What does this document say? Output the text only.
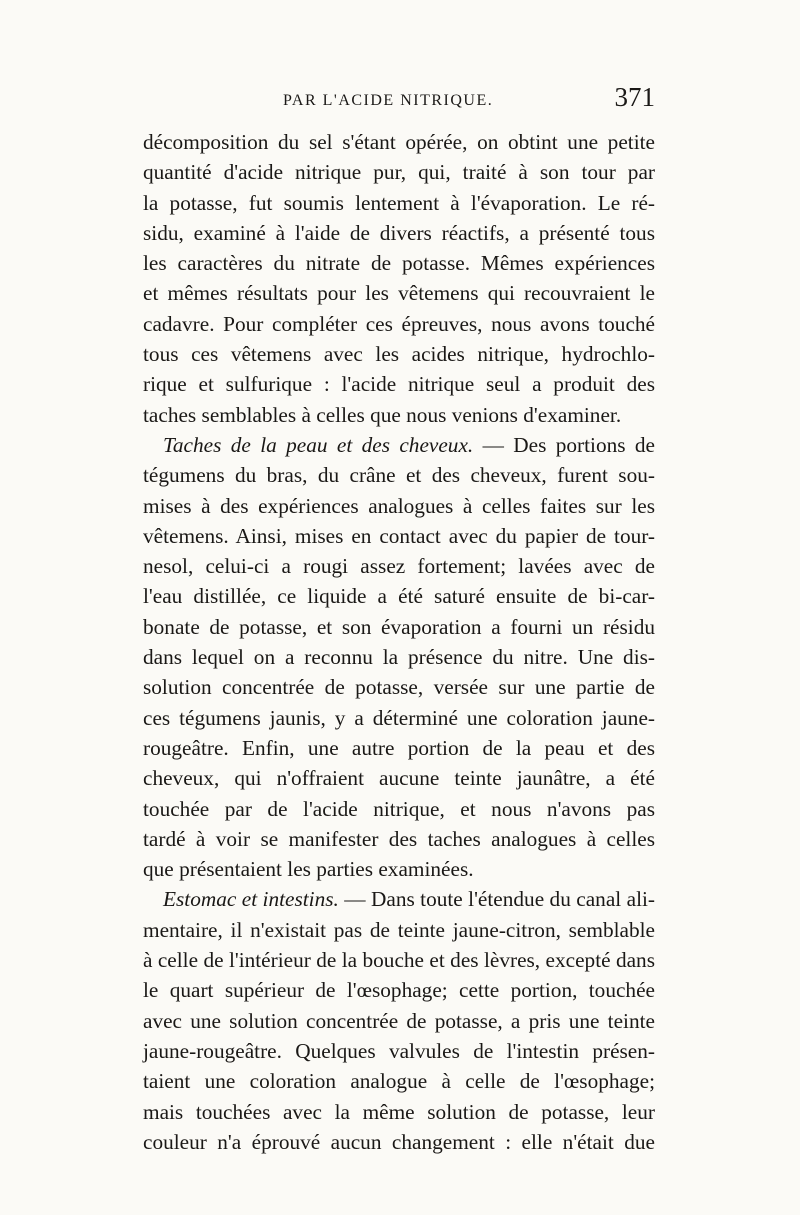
PAR L'ACIDE NITRIQUE.	371
décomposition du sel s'étant opérée, on obtint une petite
quantité d'acide nitrique pur, qui, traité à son tour par
la potasse, fut soumis lentement à l'évaporation. Le ré-
sidu, examiné à l'aide de divers réactifs, a présenté tous
les caractères du nitrate de potasse. Mêmes expériences
et mêmes résultats pour les vêtemens qui recouvraient le
cadavre. Pour compléter ces épreuves, nous avons touché
tous ces vêtemens avec les acides nitrique, hydrochlo-
rique et sulfurique : l'acide nitrique seul a produit des
taches semblables à celles que nous venions d'examiner.
Taches de la peau et des cheveux. — Des portions de
tégumens du bras, du crâne et des cheveux, furent sou-
mises à des expériences analogues à celles faites sur les
vêtemens. Ainsi, mises en contact avec du papier de tour-
nesol, celui-ci a rougi assez fortement; lavées avec de
l'eau distillée, ce liquide a été saturé ensuite de bi-car-
bonate de potasse, et son évaporation a fourni un résidu
dans lequel on a reconnu la présence du nitre. Une dis-
solution concentrée de potasse, versée sur une partie de
ces tégumens jaunis, y a déterminé une coloration jaune-
rougeâtre. Enfin, une autre portion de la peau et des
cheveux, qui n'offraient aucune teinte jaunâtre, a été
touchée par de l'acide nitrique, et nous n'avons pas
tardé à voir se manifester des taches analogues à celles
que présentaient les parties examinées.
Estomac et intestins. — Dans toute l'étendue du canal ali-
mentaire, il n'existait pas de teinte jaune-citron, semblable
à celle de l'intérieur de la bouche et des lèvres, excepté dans
le quart supérieur de l'œsophage; cette portion, touchée
avec une solution concentrée de potasse, a pris une teinte
jaune-rougeâtre. Quelques valvules de l'intestin présen-
taient une coloration analogue à celle de l'œsophage;
mais touchées avec la même solution de potasse, leur
couleur n'a éprouvé aucun changement : elle n'était due
